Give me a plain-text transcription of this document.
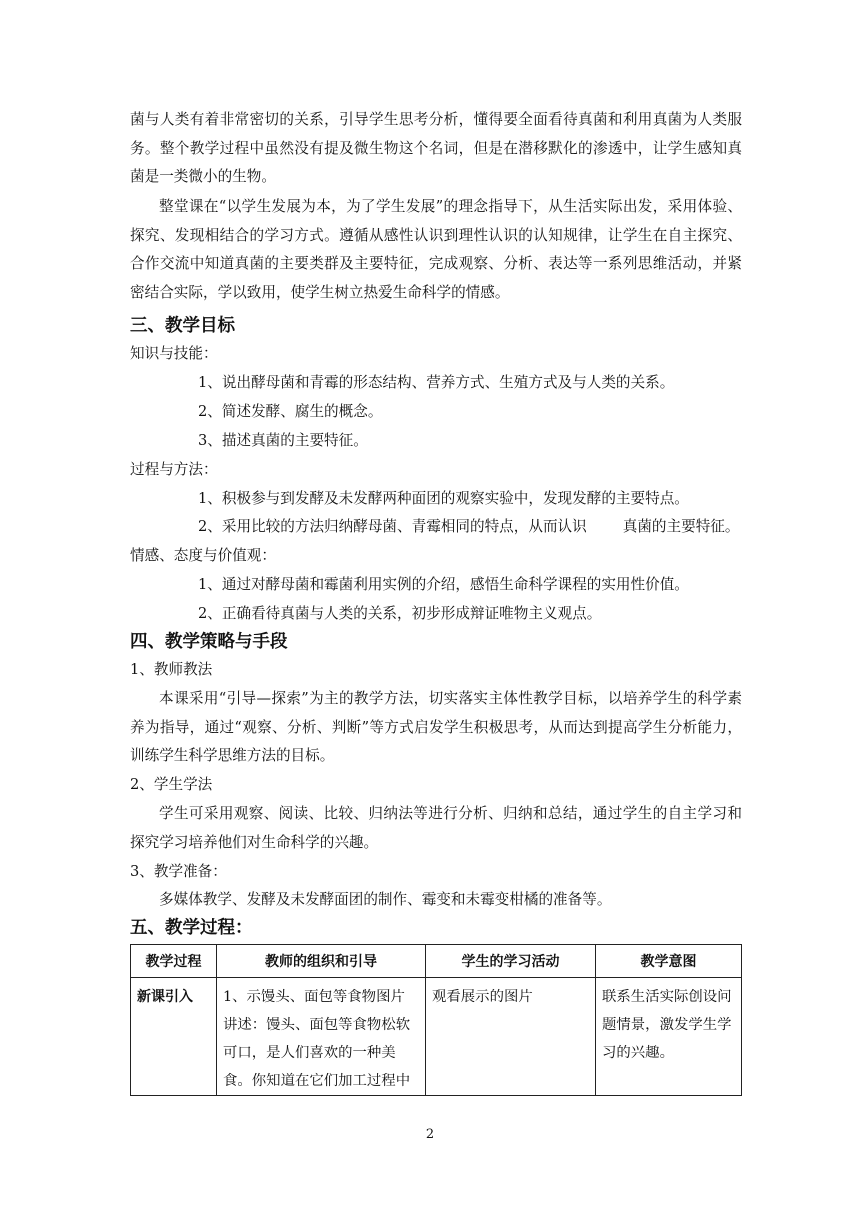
菌与人类有着非常密切的关系，引导学生思考分析，懂得要全面看待真菌和利用真菌为人类服务。整个教学过程中虽然没有提及微生物这个名词，但是在潜移默化的渗透中，让学生感知真菌是一类微小的生物。

整堂课在“以学生发展为本，为了学生发展”的理念指导下，从生活实际出发，采用体验、探究、发现相结合的学习方式。遵循从感性认识到理性认识的认知规律，让学生在自主探究、合作交流中知道真菌的主要类群及主要特征，完成观察、分析、表达等一系列思维活动，并紧密结合实际，学以致用，使学生树立热爱生命科学的情感。

三、教学目标

知识与技能：

1、说出酵母菌和青霉的形态结构、营养方式、生殖方式及与人类的关系。

2、简述发酵、腐生的概念。

3、描述真菌的主要特征。

过程与方法：

1、积极参与到发酵及未发酵两种面团的观察实验中，发现发酵的主要特点。

2、采用比较的方法归纳酵母菌、青霉相同的特点，从而认识 真菌的主要特征。

情感、态度与价值观：

1、通过对酵母菌和霉菌利用实例的介绍，感悟生命科学课程的实用性价值。

2、正确看待真菌与人类的关系，初步形成辩证唯物主义观点。

四、教学策略与手段

1、教师教法

本课采用“引导—探索”为主的教学方法，切实落实主体性教学目标，以培养学生的科学素养为指导，通过“观察、分析、判断”等方式启发学生积极思考，从而达到提高学生分析能力，训练学生科学思维方法的目标。

2、学生学法

学生可采用观察、阅读、比较、归纳法等进行分析、归纳和总结，通过学生的自主学习和探究学习培养他们对生命科学的兴趣。

3、教学准备：

多媒体教学、发酵及未发酵面团的制作、霉变和未霉变柑橘的准备等。

五、教学过程：
教学过程	教师的组织和引导	学生的学习活动	教学意图
新课引入	1、示馒头、面包等食物图片讲述：馒头、面包等食物松软可口，是人们喜欢的一种美食。你知道在它们加工过程中	观看展示的图片	联系生活实际创设问题情景，激发学生学习的兴趣。
2
